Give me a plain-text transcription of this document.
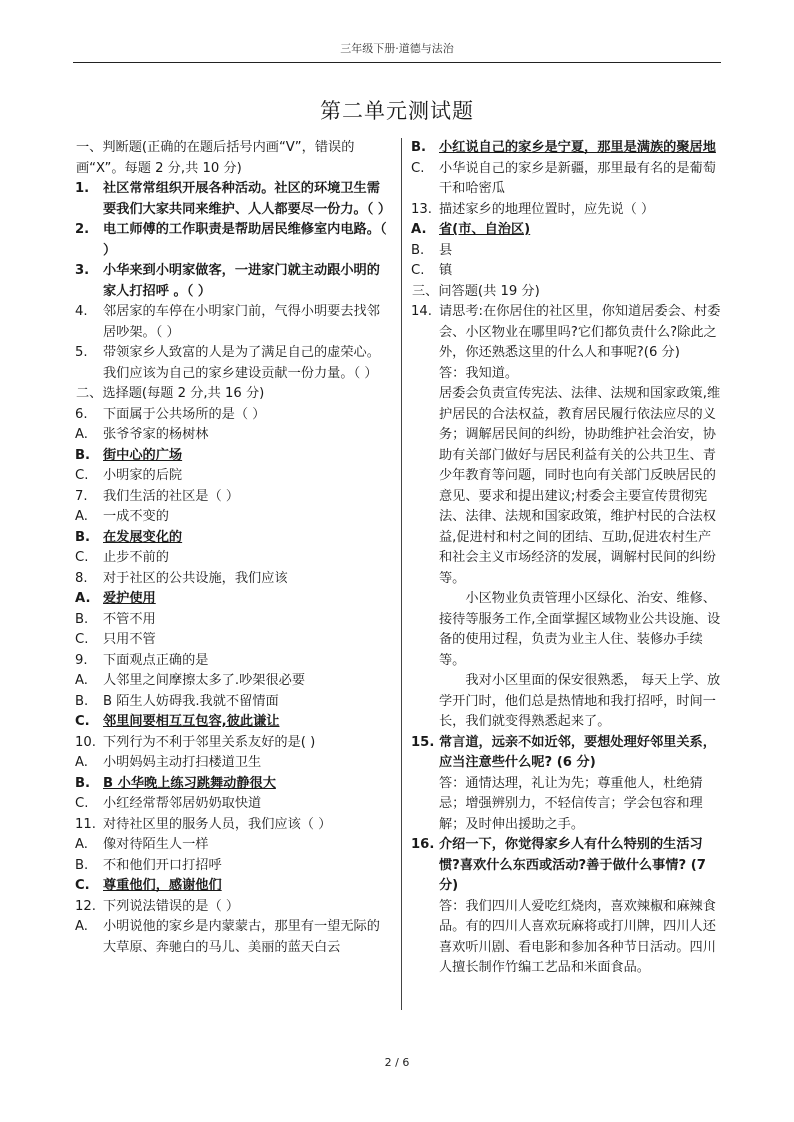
三年级下册·道德与法治
第二单元测试题
一、判断题(正确的在题后括号内画“V”，错误的画“X”。每题 2 分,共 10 分)
1.	社区常常组织开展各种活动。社区的环境卫生需要我们大家共同来维护、人人都要尽一份力。（ ）
2.	电工师傅的工作职责是帮助居民维修室内电路。（ ）
3.	小华来到小明家做客，一进家门就主动跟小明的家人打招呼 。（ ）
4.	邻居家的车停在小明家门前，气得小明要去找邻居吵架。（ ）
5.	带领家乡人致富的人是为了满足自己的虚荣心。我们应该为自己的家乡建设贡献一份力量。（ ）
二、选择题(每题 2 分,共 16 分)
6.	下面属于公共场所的是（ ）
A.	张爷爷家的杨树林
B. 街中心的广场
C.	小明家的后院
7.	我们生活的社区是（ ）
A.	一成不变的
B. 在发展变化的
C.	止步不前的
8.	对于社区的公共设施，我们应该
A. 爱护使用
B.	不管不用
C.	只用不管
9.	下面观点正确的是
A.	人邻里之间摩擦太多了.吵架很必要
B.	B 陌生人妨碍我.我就不留情面
C.	邻里间要相互互包容,彼此谦让
10. 下列行为不利于邻里关系友好的是( )
A.	小明妈妈主动打扫楼道卫生
B. B 小华晚上练习跳舞动静很大
C.	小红经常帮邻居奶奶取快道
11. 对待社区里的服务人员，我们应该（ ）
A.	像对待陌生人一样
B.	不和他们开口打招呼
C.	尊重他们，感谢他们
12. 下列说法错误的是（ ）
A.	小明说他的家乡是内蒙蒙古，那里有一望无际的大草原、奔驰白的马儿、美丽的蓝天白云
B. 小红说自己的家乡是宁夏，那里是满族的聚居地
C.	小华说自己的家乡是新疆，那里最有名的是葡萄干和哈密瓜
13. 描述家乡的地理位置时，应先说（ ）
A. 省(市、自治区)
B.	县
C.	镇
三、问答题(共 19 分)
14. 请思考:在你居住的社区里，你知道居委会、村委会、小区物业在哪里吗?它们都负责什么?除此之外，你还熟悉这里的什么人和事呢?(6 分)
答：我知道。
居委会负责宣传宪法、法律、法规和国家政策,维护居民的合法权益，教育居民履行依法应尽的义务；调解居民间的纠纷，协助维护社会治安，协助有关部门做好与居民利益有关的公共卫生、青少年教育等问题，同时也向有关部门反映居民的意见、要求和提出建议;村委会主要宣传贯彻宪法、法律、法规和国家政策，维护村民的合法权益,促进村和村之间的团结、互助,促进农村生产和社会主义市场经济的发展，调解村民间的纠纷等。
小区物业负责管理小区绿化、治安、维修、接待等服务工作,全面掌握区域物业公共设施、设备的使用过程，负责为业主人住、装修办手续等。
我对小区里面的保安很熟悉， 每天上学、放学开门时，他们总是热情地和我打招呼，时间一长，我们就变得熟悉起来了。
15. 常言道，远亲不如近邻，要想处理好邻里关系，应当注意些什么呢? (6 分)
答：通情达理，礼让为先；尊重他人，杜绝猜忌；增强辨别力，不轻信传言；学会包容和理解；及时伸出援助之手。
16. 介绍一下，你觉得家乡人有什么特别的生活习惯?喜欢什么东西或活动?善于做什么事情? (7 分)
答：我们四川人爱吃红烧肉，喜欢辣椒和麻辣食品。有的四川人喜欢玩麻将或打川牌，四川人还喜欢听川剧、看电影和参加各种节日活动。四川人擅长制作竹编工艺品和米面食品。
2 / 6
